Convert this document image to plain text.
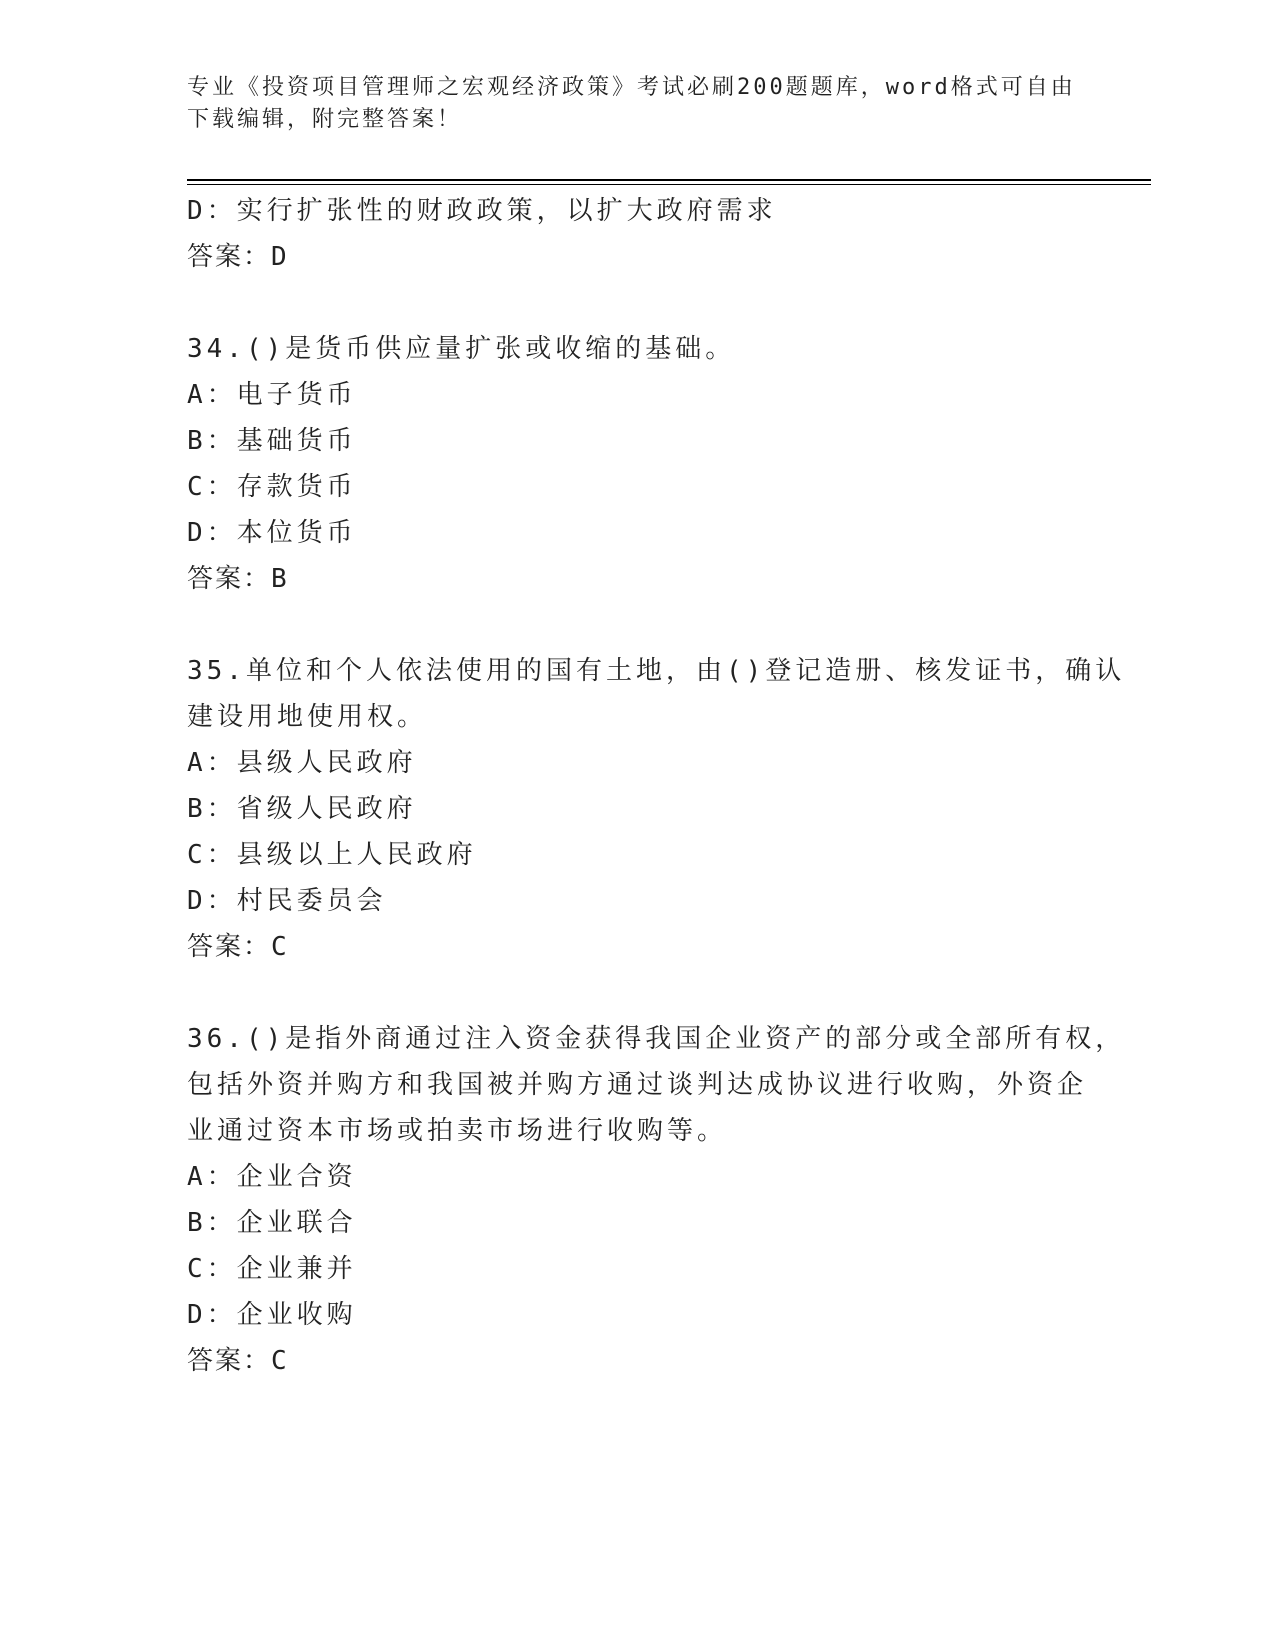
专业《投资项目管理师之宏观经济政策》考试必刷200题题库，word格式可自由
下载编辑，附完整答案！

D：实行扩张性的财政政策，以扩大政府需求

答案：D

34.()是货币供应量扩张或收缩的基础。

A：电子货币

B：基础货币

C：存款货币

D：本位货币

答案：B

35.单位和个人依法使用的国有土地，由()登记造册、核发证书，确认

建设用地使用权。

A：县级人民政府

B：省级人民政府

C：县级以上人民政府

D：村民委员会

答案：C

36.()是指外商通过注入资金获得我国企业资产的部分或全部所有权，

包括外资并购方和我国被并购方通过谈判达成协议进行收购，外资企

业通过资本市场或拍卖市场进行收购等。

A：企业合资

B：企业联合

C：企业兼并

D：企业收购

答案：C
